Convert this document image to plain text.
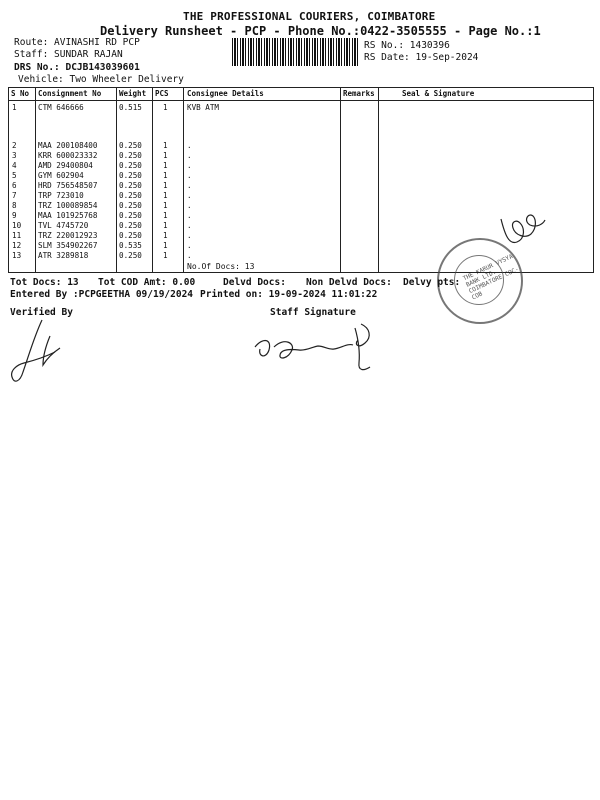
THE PROFESSIONAL COURIERS, COIMBATORE
Delivery Runsheet - PCP - Phone No.:0422-3505555 - Page No.:1
Route: AVINASHI RD PCP
Staff: SUNDAR RAJAN
DRS No.: DCJB143039601
Vehicle: Two Wheeler Delivery
RS No.: 1430396
RS Date: 19-Sep-2024
S No Consignment No Weight PCS Consignee Details	Remarks	Seal & Signature
1	CTM 646666	0.515	1	KVB ATM
2	MAA 200108400	0.250	1	.
3	KRR 600023332	0.250	1	.
4	AMD 29400804	0.250	1	.
5	GYM 602904	0.250	1	.
6	HRD 756548507	0.250	1	.
7	TRP 723010	0.250	1	.
8	TRZ 100089854	0.250	1	.
9	MAA 101925768	0.250	1	.
10 TVL 4745720	0.250	1	.
11 TRZ 220012923	0.250	1	.
12 SLM 354902267	0.535	1	.
13 ATR 3289818	0.250	1	.
No.Of Docs: 13	THE KARUR VYSYA BANK LTD. COIMBATORE COC-COB
Tot Docs: 13 Tot COD Amt: 0.00	Delvd Docs: Non Delvd Docs: Delvy pts:
Entered By :PCPGEETHA 09/19/2024 Printed on: 19-09-2024 11:01:22
Verified By	Staff Signature
